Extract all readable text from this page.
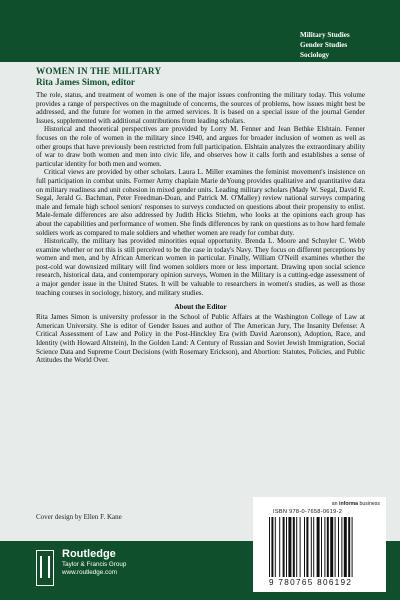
Military Studies
Gender Studies
Sociology
WOMEN IN THE MILITARY
Rita James Simon, editor

The role, status, and treatment of women is one of the major issues confronting the military today. This volume provides a range of perspectives on the magnitude of concerns, the sources of problems, how issues might best be addressed, and the future for women in the armed services. It is based on a special issue of the journal Gender Issues, supplemented with additional contributions from leading scholars.

Historical and theoretical perspectives are provided by Lorry M. Fenner and Jean Bethke Elshtain. Fenner focuses on the role of women in the military since 1940, and argues for broader inclusion of women as well as other groups that have previously been restricted from full participation. Elshtain analyzes the extraordinary ability of war to draw both women and men into civic life, and observes how it calls forth and establishes a sense of particular identity for both men and women.

Critical views are provided by other scholars. Laura L. Miller examines the feminist movement's insistence on full participation in combat units. Former Army chaplain Marie deYoung provides qualitative and quantitative data on military readiness and unit cohesion in mixed gender units. Leading military scholars (Mady W. Segal, David R. Segal, Jerald G. Bachman, Peter Freedman-Doan, and Patrick M. O'Malley) review national surveys comparing male and female high school seniors' responses to surveys conducted on questions about their propensity to enlist. Male-female differences are also addressed by Judith Hicks Stiehm, who looks at the opinions each group has about the capabilities and performance of women. She finds differences by rank on questions as to how hard female soldiers work as compared to male soldiers and whether women are ready for combat duty.

Historically, the military has provided minorities equal opportunity. Brenda L. Moore and Schuyler C. Webb examine whether or not this is still perceived to be the case in today's Navy. They focus on different perceptions by women and men, and by African American women in particular. Finally, William O'Neill examines whether the post-cold war downsized military will find women soldiers more or less important. Drawing upon social science research, historical data, and contemporary opinion surveys, Women in the Military is a cutting-edge assessment of a major gender issue in the United States. It will be valuable to researchers in women's studies, as well as those teaching courses in sociology, history, and military studies.

About the Editor

Rita James Simon is university professor in the School of Public Affairs at the Washington College of Law at American University. She is editor of Gender Issues and author of The American Jury, The Insanity Defense: A Critical Assessment of Law and Policy in the Post-Hinckley Era (with David Aaronson), Adoption, Race, and Identity (with Howard Altstein), In the Golden Land: A Century of Russian and Soviet Jewish Immigration, Social Science Data and Supreme Court Decisions (with Rosemary Erickson), and Abortion: Statutes, Policies, and Public Attitudes the World Over.

Cover design by Ellen F. Kane
Routledge
Taylor & Francis Group
www.routledge.com
an informa business
ISBN 978-0-7658-0619-2
9 780765 806192
